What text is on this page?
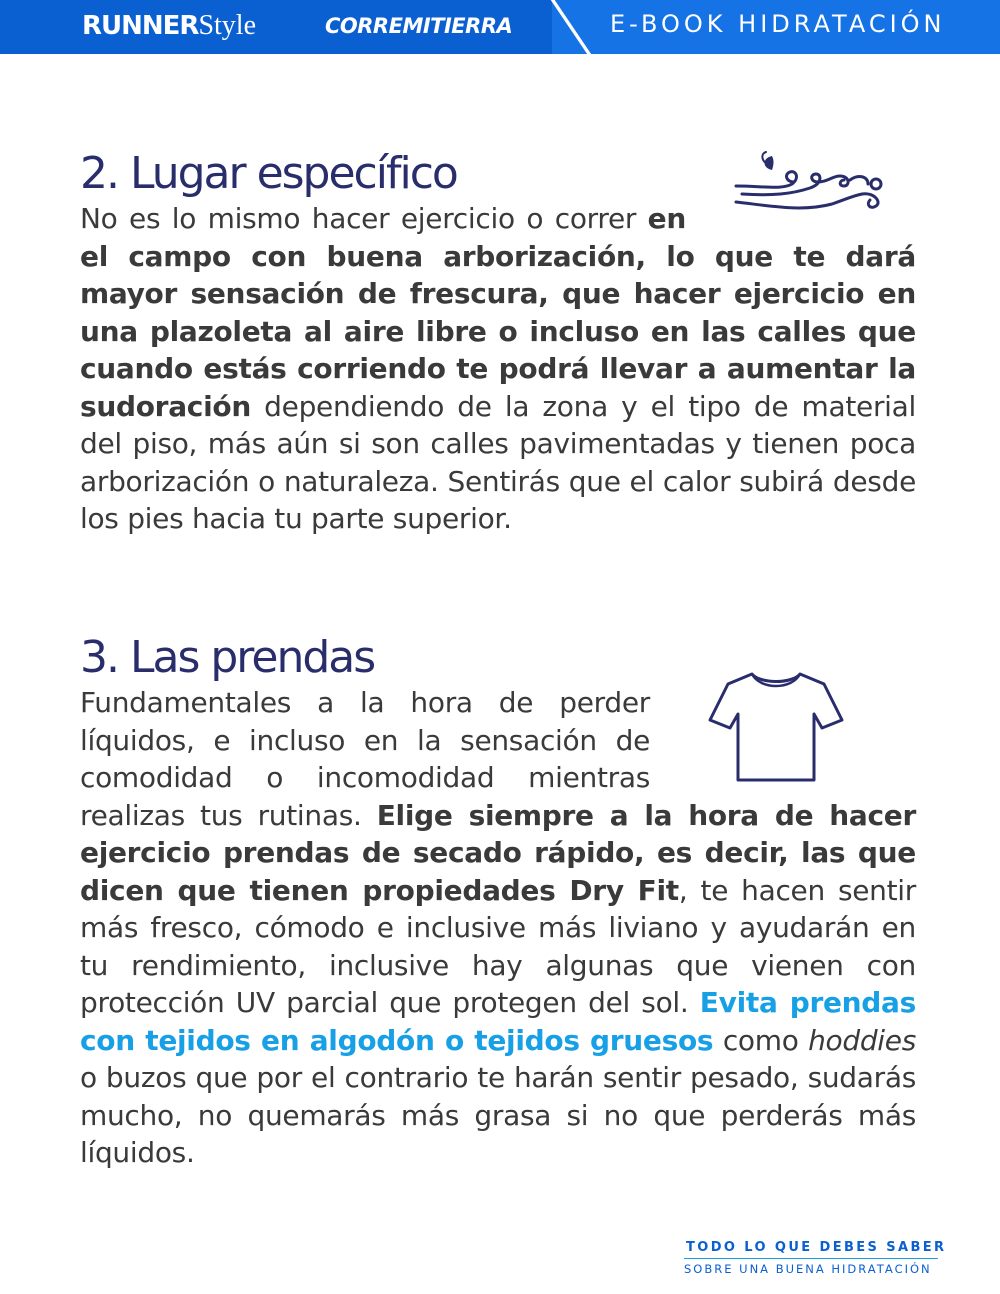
RUNNERStyle	CORREMITIERRA	E-BOOK HIDRATACIÓN
2. Lugar específico

No es lo mismo hacer ejercicio o correr en el campo con buena arborización, lo que te dará mayor sensación de frescura, que hacer ejercicio en una plazoleta al aire libre o incluso en las calles que cuando estás corriendo te podrá llevar a aumentar la sudoración dependiendo de la zona y el tipo de material del piso, más aún si son calles pavimentadas y tienen poca arborización o naturaleza. Sentirás que el calor subirá desde los pies hacia tu parte superior.

3. Las prendas

Fundamentales a la hora de perder líquidos, e incluso en la sensación de comodidad o incomodidad mientras realizas tus rutinas. Elige siempre a la hora de hacer ejercicio prendas de secado rápido, es decir, las que dicen que tienen propiedades Dry Fit, te hacen sentir más fresco, cómodo e inclusive más liviano y ayudarán en tu rendimiento, inclusive hay algunas que vienen con protección UV parcial que protegen del sol. Evita prendas con tejidos en algodón o tejidos gruesos como hoddies o buzos que por el contrario te harán sentir pesado, sudarás mucho, no quemarás más grasa si no que perderás más líquidos.

TODO LO QUE DEBES SABER
SOBRE UNA BUENA HIDRATACIÓN
